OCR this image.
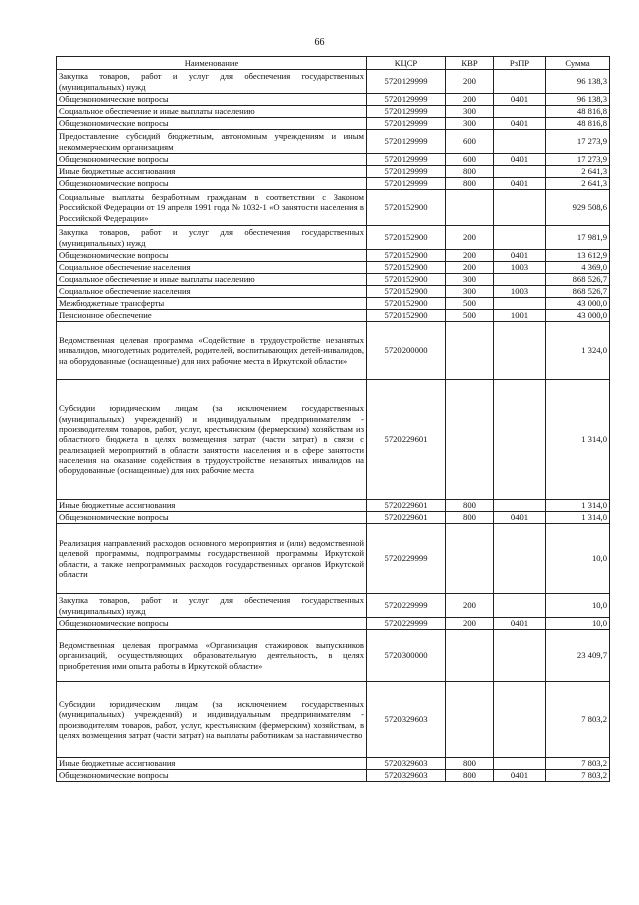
66
Наименование	КЦСР	КВР	РзПР	Сумма
Закупка товаров, работ и услуг для обеспечения государственных (муниципальных) нужд	5720129999	200		96 138,3
Общеэкономические вопросы	5720129999	200	0401	96 138,3
Социальное обеспечение и иные выплаты населению	5720129999	300		48 816,8
Общеэкономические вопросы	5720129999	300	0401	48 816,8
Предоставление субсидий бюджетным, автономным учреждениям и иным некоммерческим организациям	5720129999	600		17 273,9
Общеэкономические вопросы	5720129999	600	0401	17 273,9
Иные бюджетные ассигнования	5720129999	800		2 641,3
Общеэкономические вопросы	5720129999	800	0401	2 641,3
Социальные выплаты безработным гражданам в соответствии с Законом Российской Федерации от 19 апреля 1991 года № 1032-1 «О занятости населения в Российской Федерации»	5720152900			929 508,6
Закупка товаров, работ и услуг для обеспечения государственных (муниципальных) нужд	5720152900	200		17 981,9
Общеэкономические вопросы	5720152900	200	0401	13 612,9
Социальное обеспечение населения	5720152900	200	1003	4 369,0
Социальное обеспечение и иные выплаты населению	5720152900	300		868 526,7
Социальное обеспечение населения	5720152900	300	1003	868 526,7
Межбюджетные трансферты	5720152900	500		43 000,0
Пенсионное обеспечение	5720152900	500	1001	43 000,0
Ведомственная целевая программа «Содействие в трудоустройстве незанятых инвалидов, многодетных родителей, родителей, воспитывающих детей-инвалидов, на оборудованные (оснащенные) для них рабочие места в Иркутской области»	5720200000			1 324,0
Субсидии юридическим лицам (за исключением государственных (муниципальных) учреждений) и индивидуальным предпринимателям - производителям товаров, работ, услуг, крестьянским (фермерским) хозяйствам из областного бюджета в целях возмещения затрат (части затрат) в связи с реализацией мероприятий в области занятости населения и в сфере занятости населения на оказание содействия в трудоустройстве незанятых инвалидов на оборудованные (оснащенные) для них рабочие места	5720229601			1 314,0
Иные бюджетные ассигнования	5720229601	800		1 314,0
Общеэкономические вопросы	5720229601	800	0401	1 314,0
Реализация направлений расходов основного мероприятия и (или) ведомственной целевой программы, подпрограммы государственной программы Иркутской области, а также непрограммных расходов государственных органов Иркутской области	5720229999			10,0
Закупка товаров, работ и услуг для обеспечения государственных (муниципальных) нужд	5720229999	200		10,0
Общеэкономические вопросы	5720229999	200	0401	10,0
Ведомственная целевая программа «Организация стажировок выпускников организаций, осуществляющих образовательную деятельность, в целях приобретения ими опыта работы в Иркутской области»	5720300000			23 409,7
Субсидии юридическим лицам (за исключением государственных (муниципальных) учреждений) и индивидуальным предпринимателям - производителям товаров, работ, услуг, крестьянским (фермерским) хозяйствам, в целях возмещения затрат (части затрат) на выплаты работникам за наставничество	5720329603			7 803,2
Иные бюджетные ассигнования	5720329603	800		7 803,2
Общеэкономические вопросы	5720329603	800	0401	7 803,2
